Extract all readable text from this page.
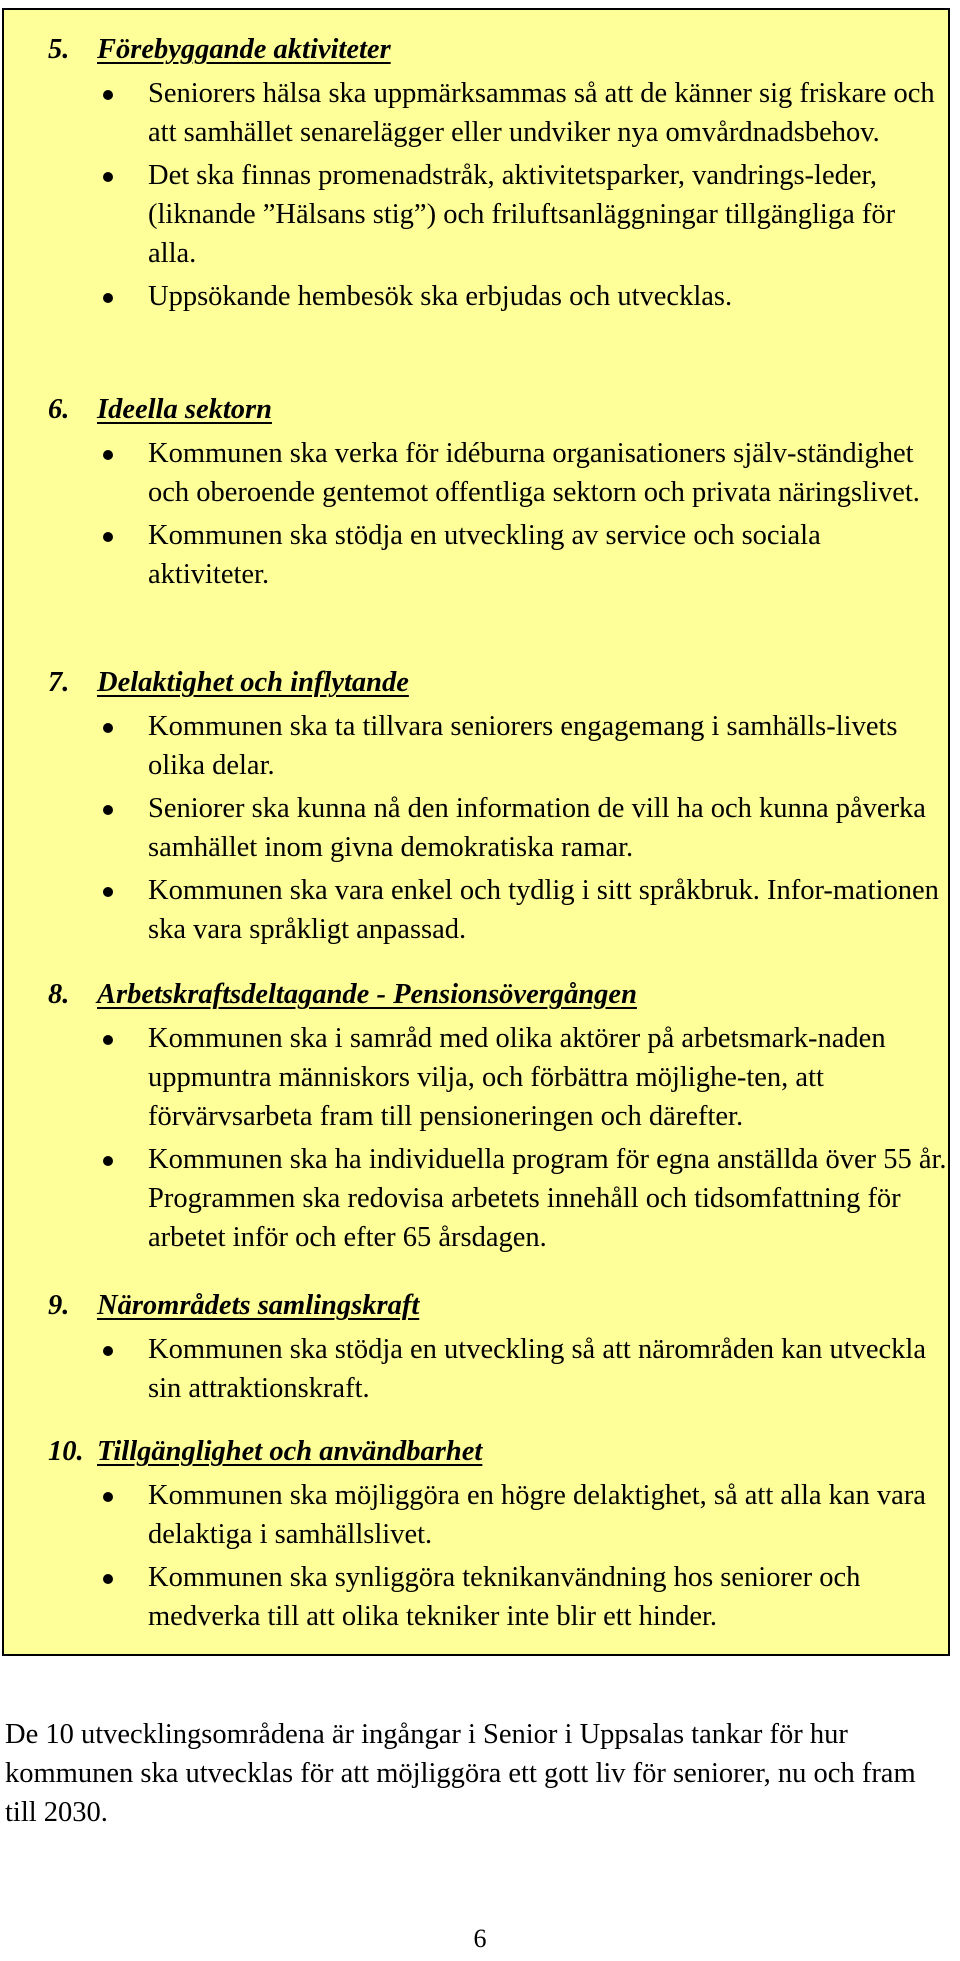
5. Förebyggande aktiviteter
Seniorers hälsa ska uppmärksammas så att de känner sig friskare och att samhället senarelägger eller undviker nya omvårdnadsbehov.
Det ska finnas promenadstråk, aktivitetsparker, vandrings-leder, (liknande ”Hälsans stig”) och friluftsanläggningar tillgängliga för alla.
Uppsökande hembesök ska erbjudas och utvecklas.
6. Ideella sektorn
Kommunen ska verka för idéburna organisationers själv-ständighet och oberoende gentemot offentliga sektorn och privata näringslivet.
Kommunen ska stödja en utveckling av service och sociala aktiviteter.
7. Delaktighet och inflytande
Kommunen ska ta tillvara seniorers engagemang i samhälls-livets olika delar.
Seniorer ska kunna nå den information de vill ha och kunna påverka samhället inom givna demokratiska ramar.
Kommunen ska vara enkel och tydlig i sitt språkbruk. Infor-mationen ska vara språkligt anpassad.
8. Arbetskraftsdeltagande - Pensionsövergången
Kommunen ska i samråd med olika aktörer på arbetsmark-naden uppmuntra människors vilja, och förbättra möjlighe-ten, att förvärvsarbeta fram till pensioneringen och därefter.
Kommunen ska ha individuella program för egna anställda över 55 år. Programmen ska redovisa arbetets innehåll och tidsomfattning för arbetet inför och efter 65 årsdagen.
9. Närområdets samlingskraft
Kommunen ska stödja en utveckling så att närområden kan utveckla sin attraktionskraft.
10. Tillgänglighet och användbarhet
Kommunen ska möjliggöra en högre delaktighet, så att alla kan vara delaktiga i samhällslivet.
Kommunen ska synliggöra teknikanvändning hos seniorer och medverka till att olika tekniker inte blir ett hinder.

De 10 utvecklingsområdena är ingångar i Senior i Uppsalas tankar för hur kommunen ska utvecklas för att möjliggöra ett gott liv för seniorer, nu och fram till 2030.

6
